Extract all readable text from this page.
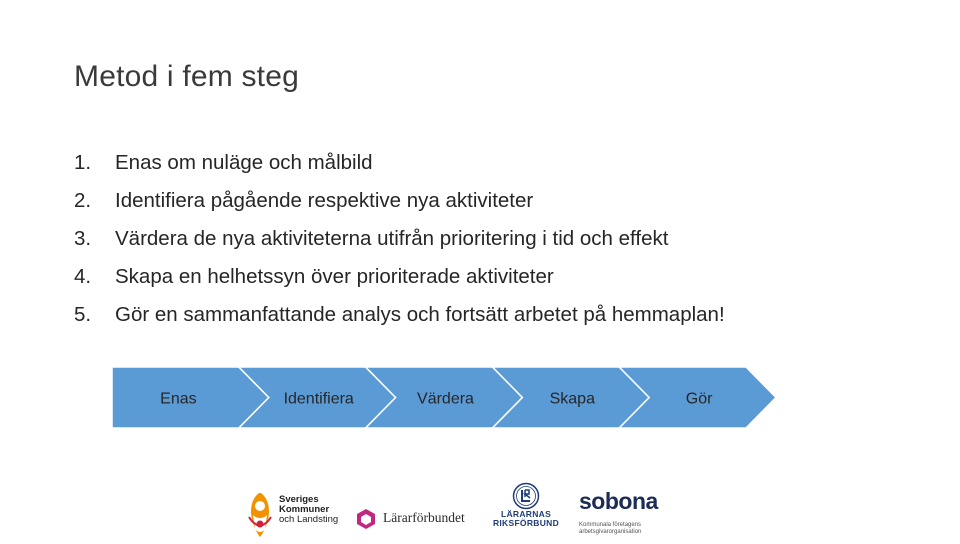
Metod i fem steg
1.	Enas om nuläge och målbild
2.	Identifiera pågående respektive nya aktiviteter
3.	Värdera de nya aktiviteterna utifrån prioritering i tid och effekt
4.	Skapa en helhetssyn över prioriterade aktiviteter
5.	Gör en sammanfattande analys och fortsätt arbetet på hemmaplan!
Enas	Identifiera	Värdera	Skapa	Gör
Sveriges
Kommuner
och Landsting	Lärarförbundet	LÄRARNAS
RIKSFÖRBUND
sobona
Kommunala företagens
arbetsgivarorganisation
